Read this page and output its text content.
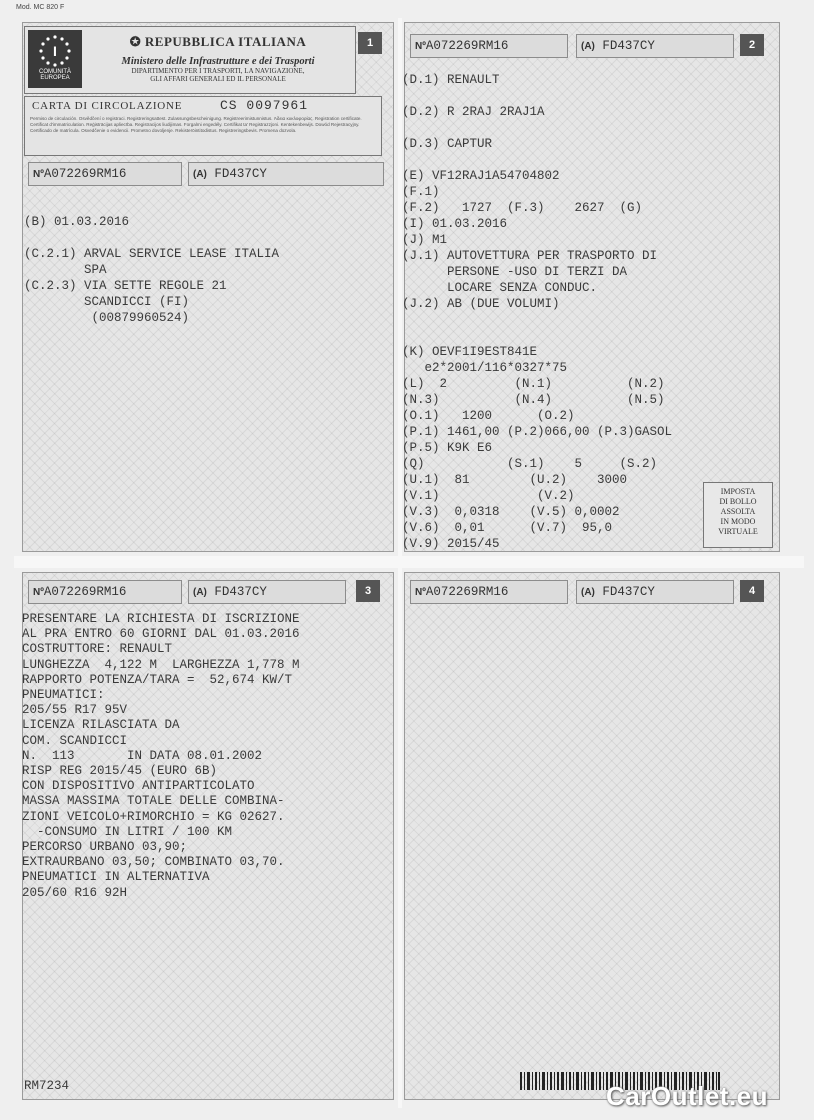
Mod. MC 820 F
I
COMUNITÀ
EUROPEA
✪ REPUBBLICA ITALIANA
Ministero delle Infrastrutture e dei Trasporti
DIPARTIMENTO PER I TRASPORTI, LA NAVIGAZIONE,
GLI AFFARI GENERALI ED IL PERSONALE
1
CARTA DI CIRCOLAZIONE	CS 0097961
Permiso de circulación. Osvědčení o registraci. Registreringsattest. Zulassungsbescheinigung. Registreerimistunnistus. Άδεια κυκλοφορίας. Registration certificate. Certificat d'immatriculation. Reģistrācijas apliecība. Registracijos liudijimas. Forgalmi engedély. Certifikat ta' Registrazzjoni. Kentekenbewijs. Dowód Rejestracyjny. Certificado de matrícula. Osvedčenie o evidencii. Prometno dovoljenje. Rekisteröintitodistus. Registreringsbevis. Promena dozvola.
NºA072269RM16	(A) FD437CY
(B) 01.03.2016

(C.2.1) ARVAL SERVICE LEASE ITALIA
SPA
(C.2.3) VIA SETTE REGOLE 21
SCANDICCI (FI)
(00879960524)
NºA072269RM16	(A) FD437CY	2
(D.1) RENAULT

(D.2) R 2RAJ 2RAJ1A

(D.3) CAPTUR

(E) VF12RAJ1A54704802
(F.1)
(F.2)   1727  (F.3)    2627  (G)
(I) 01.03.2016
(J) M1
(J.1) AUTOVETTURA PER TRASPORTO DI
PERSONE -USO DI TERZI DA
LOCARE SENZA CONDUC.
(J.2) AB (DUE VOLUMI)

(K) OEVF1I9EST841E
e2*2001/116*0327*75
(L)  2         (N.1)          (N.2)
(N.3)          (N.4)          (N.5)
(O.1)   1200      (O.2)
(P.1) 1461,00 (P.2)066,00 (P.3)GASOL
(P.5) K9K E6
(Q)           (S.1)    5     (S.2)
(U.1)  81        (U.2)    3000
(V.1)             (V.2)
(V.3)  0,0318    (V.5) 0,0002
(V.6)  0,01      (V.7)  95,0
(V.9) 2015/45
IMPOSTA
DI BOLLO
ASSOLTA
IN MODO
VIRTUALE
NºA072269RM16	(A) FD437CY	3
PRESENTARE LA RICHIESTA DI ISCRIZIONE
AL PRA ENTRO 60 GIORNI DAL 01.03.2016
COSTRUTTORE: RENAULT
LUNGHEZZA  4,122 M  LARGHEZZA 1,778 M
RAPPORTO POTENZA/TARA =  52,674 KW/T
PNEUMATICI:
205/55 R17 95V
LICENZA RILASCIATA DA
COM. SCANDICCI
N.  113       IN DATA 08.01.2002
RISP REG 2015/45 (EURO 6B)
CON DISPOSITIVO ANTIPARTICOLATO
MASSA MASSIMA TOTALE DELLE COMBINA-
ZIONI VEICOLO+RIMORCHIO = KG 02627.
-CONSUMO IN LITRI / 100 KM
PERCORSO URBANO 03,90;
EXTRAURBANO 03,50; COMBINATO 03,70.
PNEUMATICI IN ALTERNATIVA
205/60 R16 92H
RM7234
NºA072269RM16	(A) FD437CY	4
CarOutlet.eu
